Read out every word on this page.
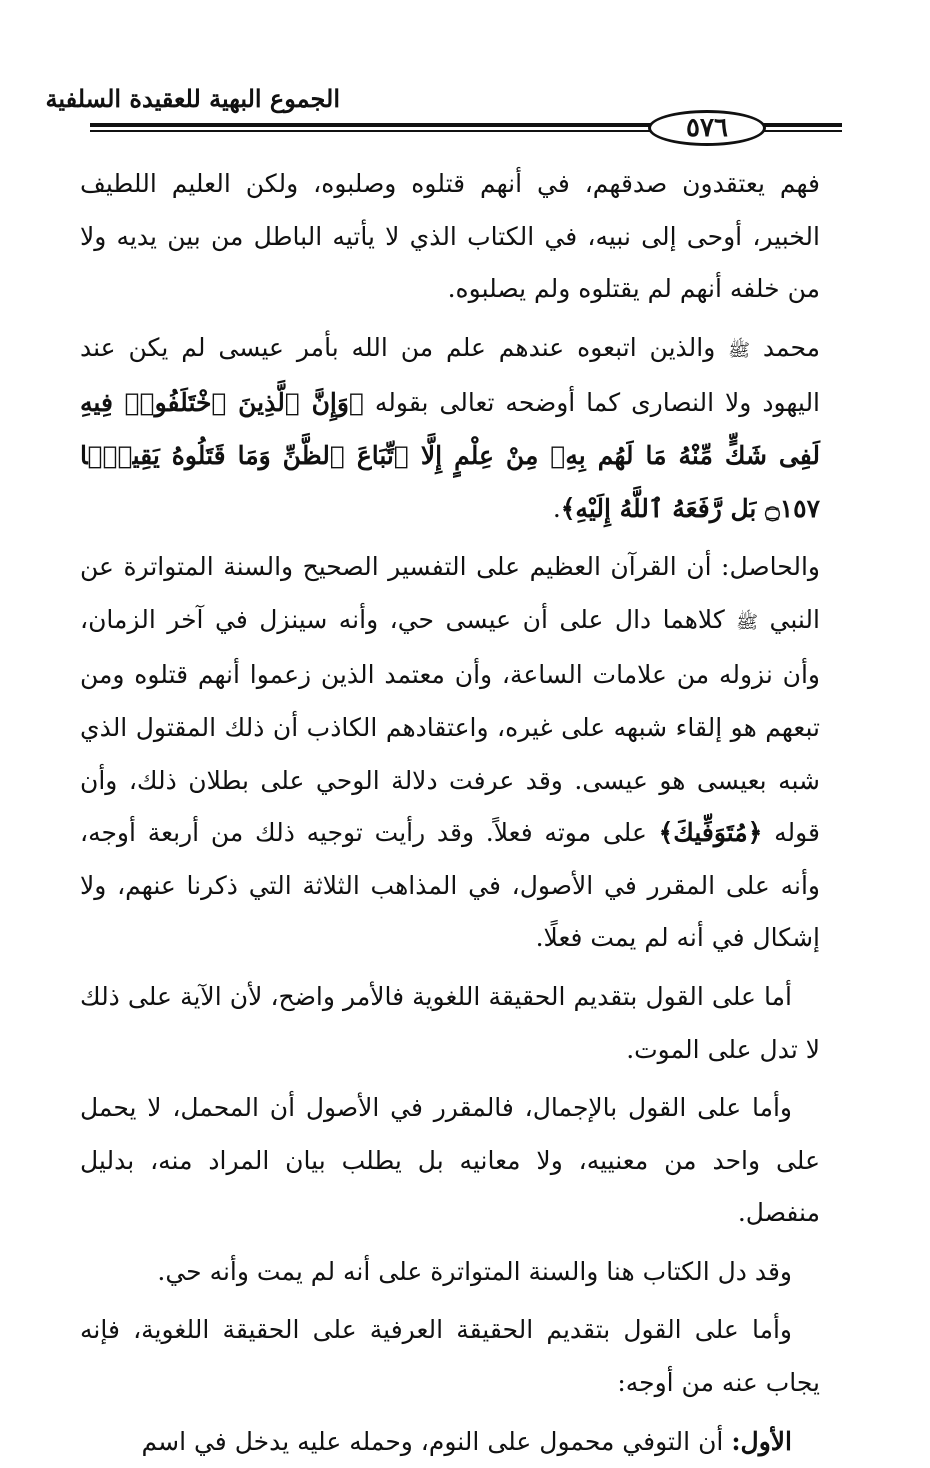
الجموع البهية للعقيدة السلفية
٥٧٦

فهم يعتقدون صدقهم، في أنهم قتلوه وصلبوه، ولكن العليم اللطيف الخبير، أوحى إلى نبيه، في الكتاب الذي لا يأتيه الباطل من بين يديه ولا من خلفه أنهم لم يقتلوه ولم يصلبوه.

محمد ﷺ والذين اتبعوه عندهم علم من الله بأمر عيسى لم يكن عند اليهود ولا النصارى كما أوضحه تعالى بقوله ﴿وَإِنَّ ٱلَّذِينَ ٱخْتَلَفُوا۟ فِيهِ لَفِى شَكٍّ مِّنْهُ مَا لَهُم بِهِۦ مِنْ عِلْمٍ إِلَّا ٱتِّبَاعَ ٱلظَّنِّ وَمَا قَتَلُوهُ يَقِينًۢا ۝١٥٧ بَل رَّفَعَهُ ٱللَّهُ إِلَيْهِ﴾.

والحاصل: أن القرآن العظيم على التفسير الصحيح والسنة المتواترة عن النبي ﷺ كلاهما دال على أن عيسى حي، وأنه سينزل في آخر الزمان، وأن نزوله من علامات الساعة، وأن معتمد الذين زعموا أنهم قتلوه ومن تبعهم هو إلقاء شبهه على غيره، واعتقادهم الكاذب أن ذلك المقتول الذي شبه بعيسى هو عيسى. وقد عرفت دلالة الوحي على بطلان ذلك، وأن قوله ﴿مُتَوَفِّيكَ﴾ على موته فعلاً. وقد رأيت توجيه ذلك من أربعة أوجه، وأنه على المقرر في الأصول، في المذاهب الثلاثة التي ذكرنا عنهم، ولا إشكال في أنه لم يمت فعلًا.

أما على القول بتقديم الحقيقة اللغوية فالأمر واضح، لأن الآية على ذلك لا تدل على الموت.

وأما على القول بالإجمال، فالمقرر في الأصول أن المحمل، لا يحمل على واحد من معنييه، ولا معانيه بل يطلب بيان المراد منه، بدليل منفصل.

وقد دل الكتاب هنا والسنة المتواترة على أنه لم يمت وأنه حي.

وأما على القول بتقديم الحقيقة العرفية على الحقيقة اللغوية، فإنه يجاب عنه من أوجه:

الأول: أن التوفي محمول على النوم، وحمله عليه يدخل في اسم
